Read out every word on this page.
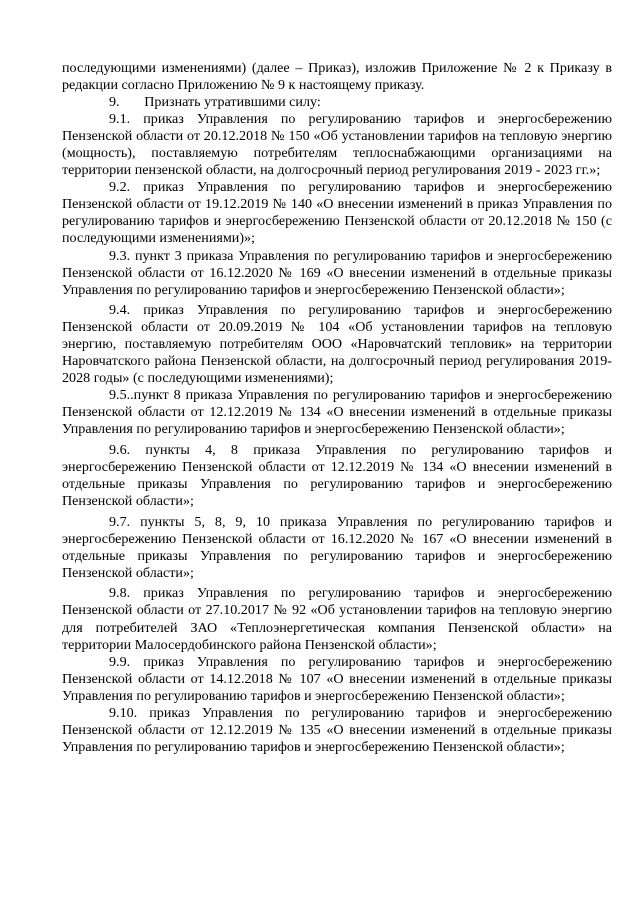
последующими изменениями) (далее – Приказ), изложив Приложение № 2 к Приказу в редакции согласно Приложению № 9 к настоящему приказу.

9.       Признать утратившими силу:

9.1. приказ Управления по регулированию тарифов и энергосбережению Пензенской области от 20.12.2018 № 150 «Об установлении тарифов на тепловую энергию (мощность), поставляемую потребителям теплоснабжающими организациями на территории пензенской области, на долгосрочный период регулирования 2019 - 2023 гг.»;

9.2. приказ Управления по регулированию тарифов и энергосбережению Пензенской области от 19.12.2019 № 140 «О внесении изменений в приказ Управления по регулированию тарифов и энергосбережению Пензенской области от 20.12.2018 № 150 (с последующими изменениями)»;

9.3. пункт 3 приказа Управления по регулированию тарифов и энергосбережению Пензенской области от 16.12.2020 № 169 «О внесении изменений в отдельные приказы Управления по регулированию тарифов и энергосбережению Пензенской области»;

9.4. приказ Управления по регулированию тарифов и энергосбережению Пензенской области от 20.09.2019 № 104 «Об установлении тарифов на тепловую энергию, поставляемую потребителям ООО «Наровчатский тепловик» на территории Наровчатского района Пензенской области, на долгосрочный период регулирования 2019-2028 годы» (с последующими изменениями);

9.5..пункт 8 приказа Управления по регулированию тарифов и энергосбережению Пензенской области от 12.12.2019 № 134 «О внесении изменений в отдельные приказы Управления по регулированию тарифов и энергосбережению Пензенской области»;

9.6. пункты 4, 8 приказа Управления по регулированию тарифов и энергосбережению Пензенской области от 12.12.2019 № 134 «О внесении изменений в отдельные приказы Управления по регулированию тарифов и энергосбережению Пензенской области»;

9.7. пункты 5, 8, 9, 10 приказа Управления по регулированию тарифов и энергосбережению Пензенской области от 16.12.2020 № 167 «О внесении изменений в отдельные приказы Управления по регулированию тарифов и энергосбережению Пензенской области»;

9.8. приказ Управления по регулированию тарифов и энергосбережению Пензенской области от 27.10.2017 № 92 «Об установлении тарифов на тепловую энергию для потребителей ЗАО «Теплоэнергетическая компания Пензенской области» на территории Малосердобинского района Пензенской области»;

9.9. приказ Управления по регулированию тарифов и энергосбережению Пензенской области от 14.12.2018 № 107 «О внесении изменений в отдельные приказы Управления по регулированию тарифов и энергосбережению Пензенской области»;

9.10. приказ Управления по регулированию тарифов и энергосбережению Пензенской области от 12.12.2019 № 135 «О внесении изменений в отдельные приказы Управления по регулированию тарифов и энергосбережению Пензенской области»;
